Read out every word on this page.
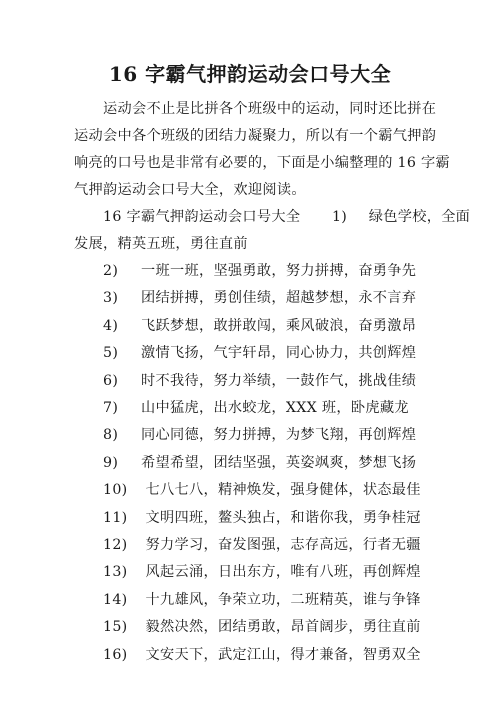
16 字霸气押韵运动会口号大全
运动会不止是比拼各个班级中的运动，同时还比拼在
运动会中各个班级的团结力凝聚力，所以有一个霸气押韵
响亮的口号也是非常有必要的，下面是小编整理的 16 字霸
气押韵运动会口号大全，欢迎阅读。
16 字霸气押韵运动会口号大全 1) 绿色学校，全面
发展，精英五班，勇往直前
2) 一班一班，坚强勇敢，努力拼搏，奋勇争先
3) 团结拼搏，勇创佳绩，超越梦想，永不言弃
4) 飞跃梦想，敢拼敢闯，乘风破浪，奋勇激昂
5) 激情飞扬，气宇轩昂，同心协力，共创辉煌
6) 时不我待，努力举绩，一鼓作气，挑战佳绩
7) 山中猛虎，出水蛟龙，XXX 班，卧虎藏龙
8) 同心同德，努力拼搏，为梦飞翔，再创辉煌
9) 希望希望，团结坚强，英姿飒爽，梦想飞扬
10) 七八七八，精神焕发，强身健体，状态最佳
11) 文明四班，鳌头独占，和谐你我，勇争桂冠
12) 努力学习，奋发图强，志存高远，行者无疆
13) 风起云涌，日出东方，唯有八班，再创辉煌
14) 十九雄风，争荣立功，二班精英，谁与争锋
15) 毅然决然，团结勇敢，昂首阔步，勇往直前
16) 文安天下，武定江山，得才兼备，智勇双全
